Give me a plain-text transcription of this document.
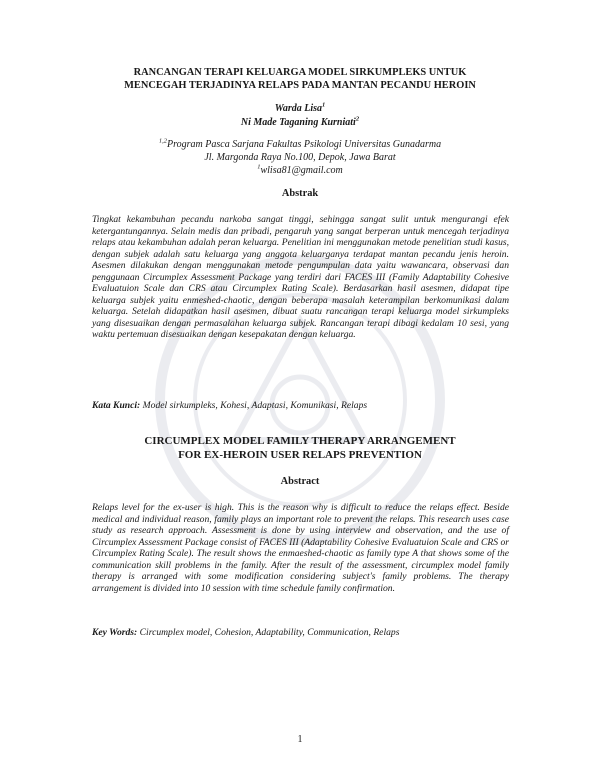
RANCANGAN TERAPI KELUARGA MODEL SIRKUMPLEKS UNTUK
MENCEGAH TERJADINYA RELAPS PADA MANTAN PECANDU HEROIN
Warda Lisa$^1$
Ni Made Taganing Kurniati$^2$
$^{1,2}$Program Pasca Sarjana Fakultas Psikologi Universitas Gunadarma
Jl. Margonda Raya No.100, Depok, Jawa Barat
$^1$wlisa81@gmail.com
Abstrak
Tingkat kekambuhan pecandu narkoba sangat tinggi, sehingga sangat sulit untuk mengurangi efek ketergantungannya. Selain medis dan pribadi, pengaruh yang sangat berperan untuk mencegah terjadinya relaps atau kekambuhan adalah peran keluarga. Penelitian ini menggunakan metode penelitian studi kasus, dengan subjek adalah satu keluarga yang anggota keluarganya terdapat mantan pecandu jenis heroin. Asesmen dilakukan dengan menggunakan metode pengumpulan data yaitu wawancara, observasi dan penggunaan Circumplex Assessment Package yang terdiri dari FACES III (Family Adaptability Cohesive Evaluatuion Scale dan CRS atau Circumplex Rating Scale). Berdasarkan hasil asesmen, didapat tipe keluarga subjek yaitu enmeshed-chaotic, dengan beberapa masalah keterampilan berkomunikasi dalam keluarga. Setelah didapatkan hasil asesmen, dibuat suatu rancangan terapi keluarga model sirkumpleks yang disesuaikan dengan permasalahan keluarga subjek. Rancangan terapi dibagi kedalam 10 sesi, yang waktu pertemuan disesuaikan dengan kesepakatan dengan keluarga.
Kata Kunci: Model sirkumpleks, Kohesi, Adaptasi, Komunikasi, Relaps
CIRCUMPLEX MODEL FAMILY THERAPY ARRANGEMENT
FOR EX-HEROIN USER RELAPS PREVENTION
Abstract
Relaps level for the ex-user is high. This is the reason why is difficult to reduce the relaps effect. Beside medical and individual reason, family plays an important role to prevent the relaps. This research uses case study as research approach. Assessment is done by using interview and observation, and the use of Circumplex Assessment Package consist of FACES III (Adaptability Cohesive Evaluatuion Scale and CRS or Circumplex Rating Scale). The result shows the enmaeshed-chaotic as family type A that shows some of the communication skill problems in the family. After the result of the assessment, circumplex model family therapy is arranged with some modification considering subject's family problems. The therapy arrangement is divided into 10 session with time schedule family confirmation.
Key Words: Circumplex model, Cohesion, Adaptability, Communication, Relaps
1
